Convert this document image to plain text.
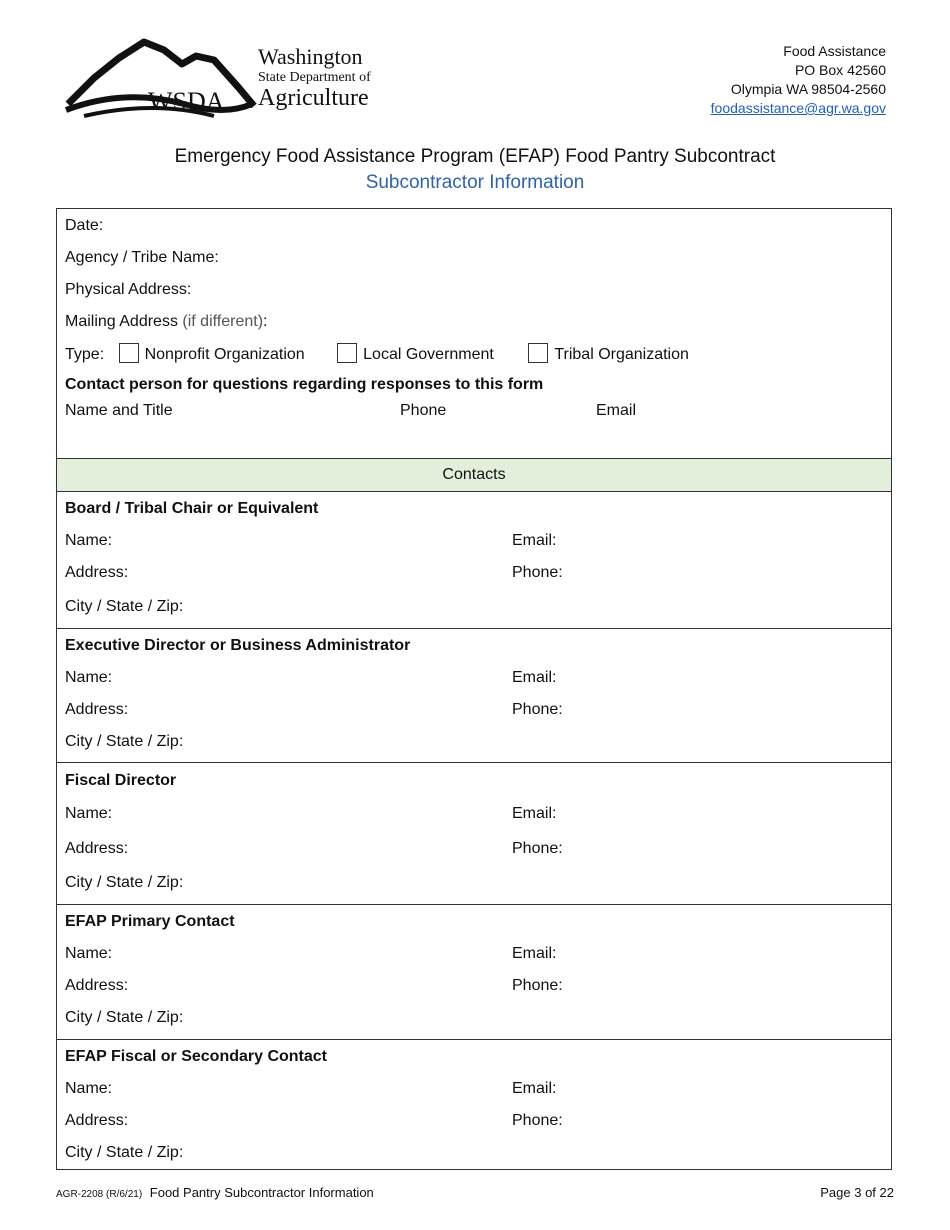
WSDA
Washington
State Department of
Agriculture
Food Assistance
PO Box 42560
Olympia WA 98504-2560
foodassistance@agr.wa.gov
Emergency Food Assistance Program (EFAP) Food Pantry Subcontract
Subcontractor Information
Date:
Agency / Tribe Name:
Physical Address:
Mailing Address (if different):
Type:	Nonprofit Organization	Local Government	Tribal Organization
Contact person for questions regarding responses to this form
Name and Title	Phone	Email
Contacts
Board / Tribal Chair or Equivalent
Name:	Email:
Address:	Phone:
City / State / Zip:
Executive Director or Business Administrator
Name:	Email:
Address:	Phone:
City / State / Zip:
Fiscal Director
Name:	Email:
Address:	Phone:
City / State / Zip:
EFAP Primary Contact
Name:	Email:
Address:	Phone:
City / State / Zip:
EFAP Fiscal or Secondary Contact
Name:	Email:
Address:	Phone:
City / State / Zip:
AGR-2208 (R/6/21) Food Pantry Subcontractor Information	Page 3 of 22
